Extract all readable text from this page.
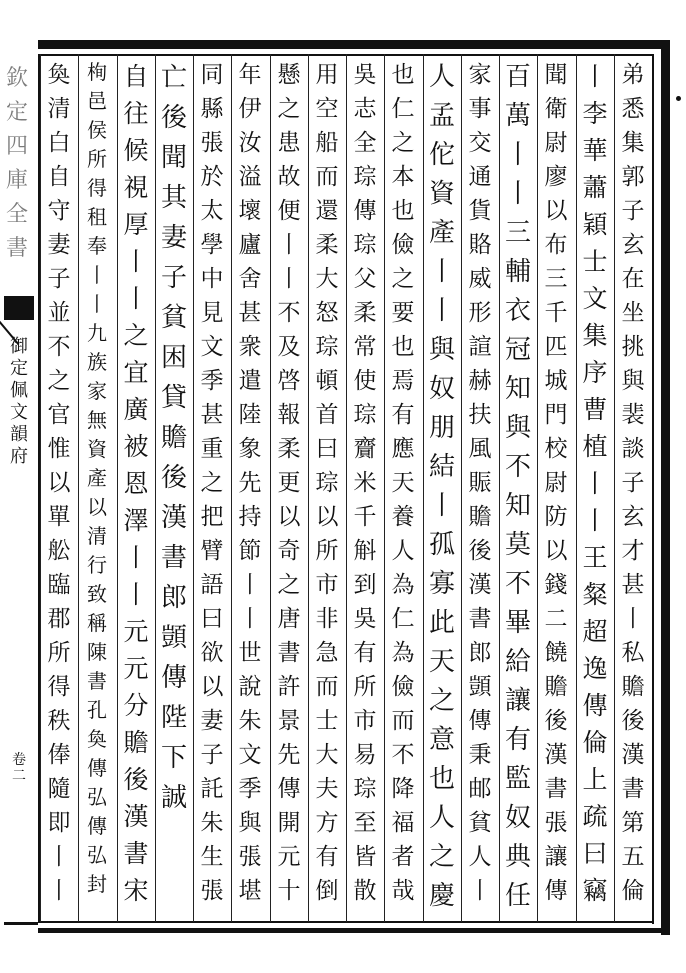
欽
定
四
庫
全
書
御
定
佩
文
韻
府
卷
二
弟
悉
集
郭
子
玄
在
坐
挑
與
裴
談
子
玄
才
甚
丨
私
贍
後
漢
書
第
五
倫
丨
李
華
蕭
穎
士
文
集
序
曹
植
丨
丨
王
粲
超
逸
傳
倫
上
疏
曰
竊
聞
衛
尉
廖
以
布
三
千
匹
城
門
校
尉
防
以
錢
二
饒
贍
後
漢
書
張
讓
傳
百
萬
丨
丨
三
輔
衣
冠
知
與
不
知
莫
不
畢
給
讓
有
監
奴
典
任
家
事
交
通
貨
賂
威
形
諠
赫
扶
風
賑
贍
後
漢
書
郎
顗
傳
秉
邮
貧
人
丨
人
孟
佗
資
產
丨
丨
與
奴
朋
結
丨
孤
寡
此
天
之
意
也
人
之
慶
也
仁
之
本
也
儉
之
要
也
焉
有
應
天
養
人
為
仁
為
儉
而
不
降
福
者
哉
吳
志
全
琮
傳
琮
父
柔
常
使
琮
齎
米
千
斛
到
吳
有
所
市
易
琮
至
皆
散
用
空
船
而
還
柔
大
怒
琮
頓
首
曰
琮
以
所
市
非
急
而
士
大
夫
方
有
倒
懸
之
患
故
便
丨
丨
不
及
啓
報
柔
更
以
奇
之
唐
書
許
景
先
傳
開
元
十
年
伊
汝
溢
壞
廬
舍
甚
衆
遣
陸
象
先
持
節
丨
丨
世
說
朱
文
季
與
張
堪
同
縣
張
於
太
學
中
見
文
季
甚
重
之
把
臂
語
曰
欲
以
妻
子
託
朱
生
張
亡
後
聞
其
妻
子
貧
困
貸
贍
後
漢
書
郎
顗
傳
陛
下
誠
自
往
候
視
厚
丨
丨
之
宜
廣
被
恩
澤
丨
丨
元
元
分
贍
後
漢
書
宋
栒
邑
侯
所
得
租
奉
丨
丨
九
族
家
無
資
產
以
清
行
致
稱
陳
書
孔
奐
傳
弘
傳
弘
封
奐
清
白
自
守
妻
子
並
不
之
官
惟
以
單
舩
臨
郡
所
得
秩
俸
隨
即
丨
丨
